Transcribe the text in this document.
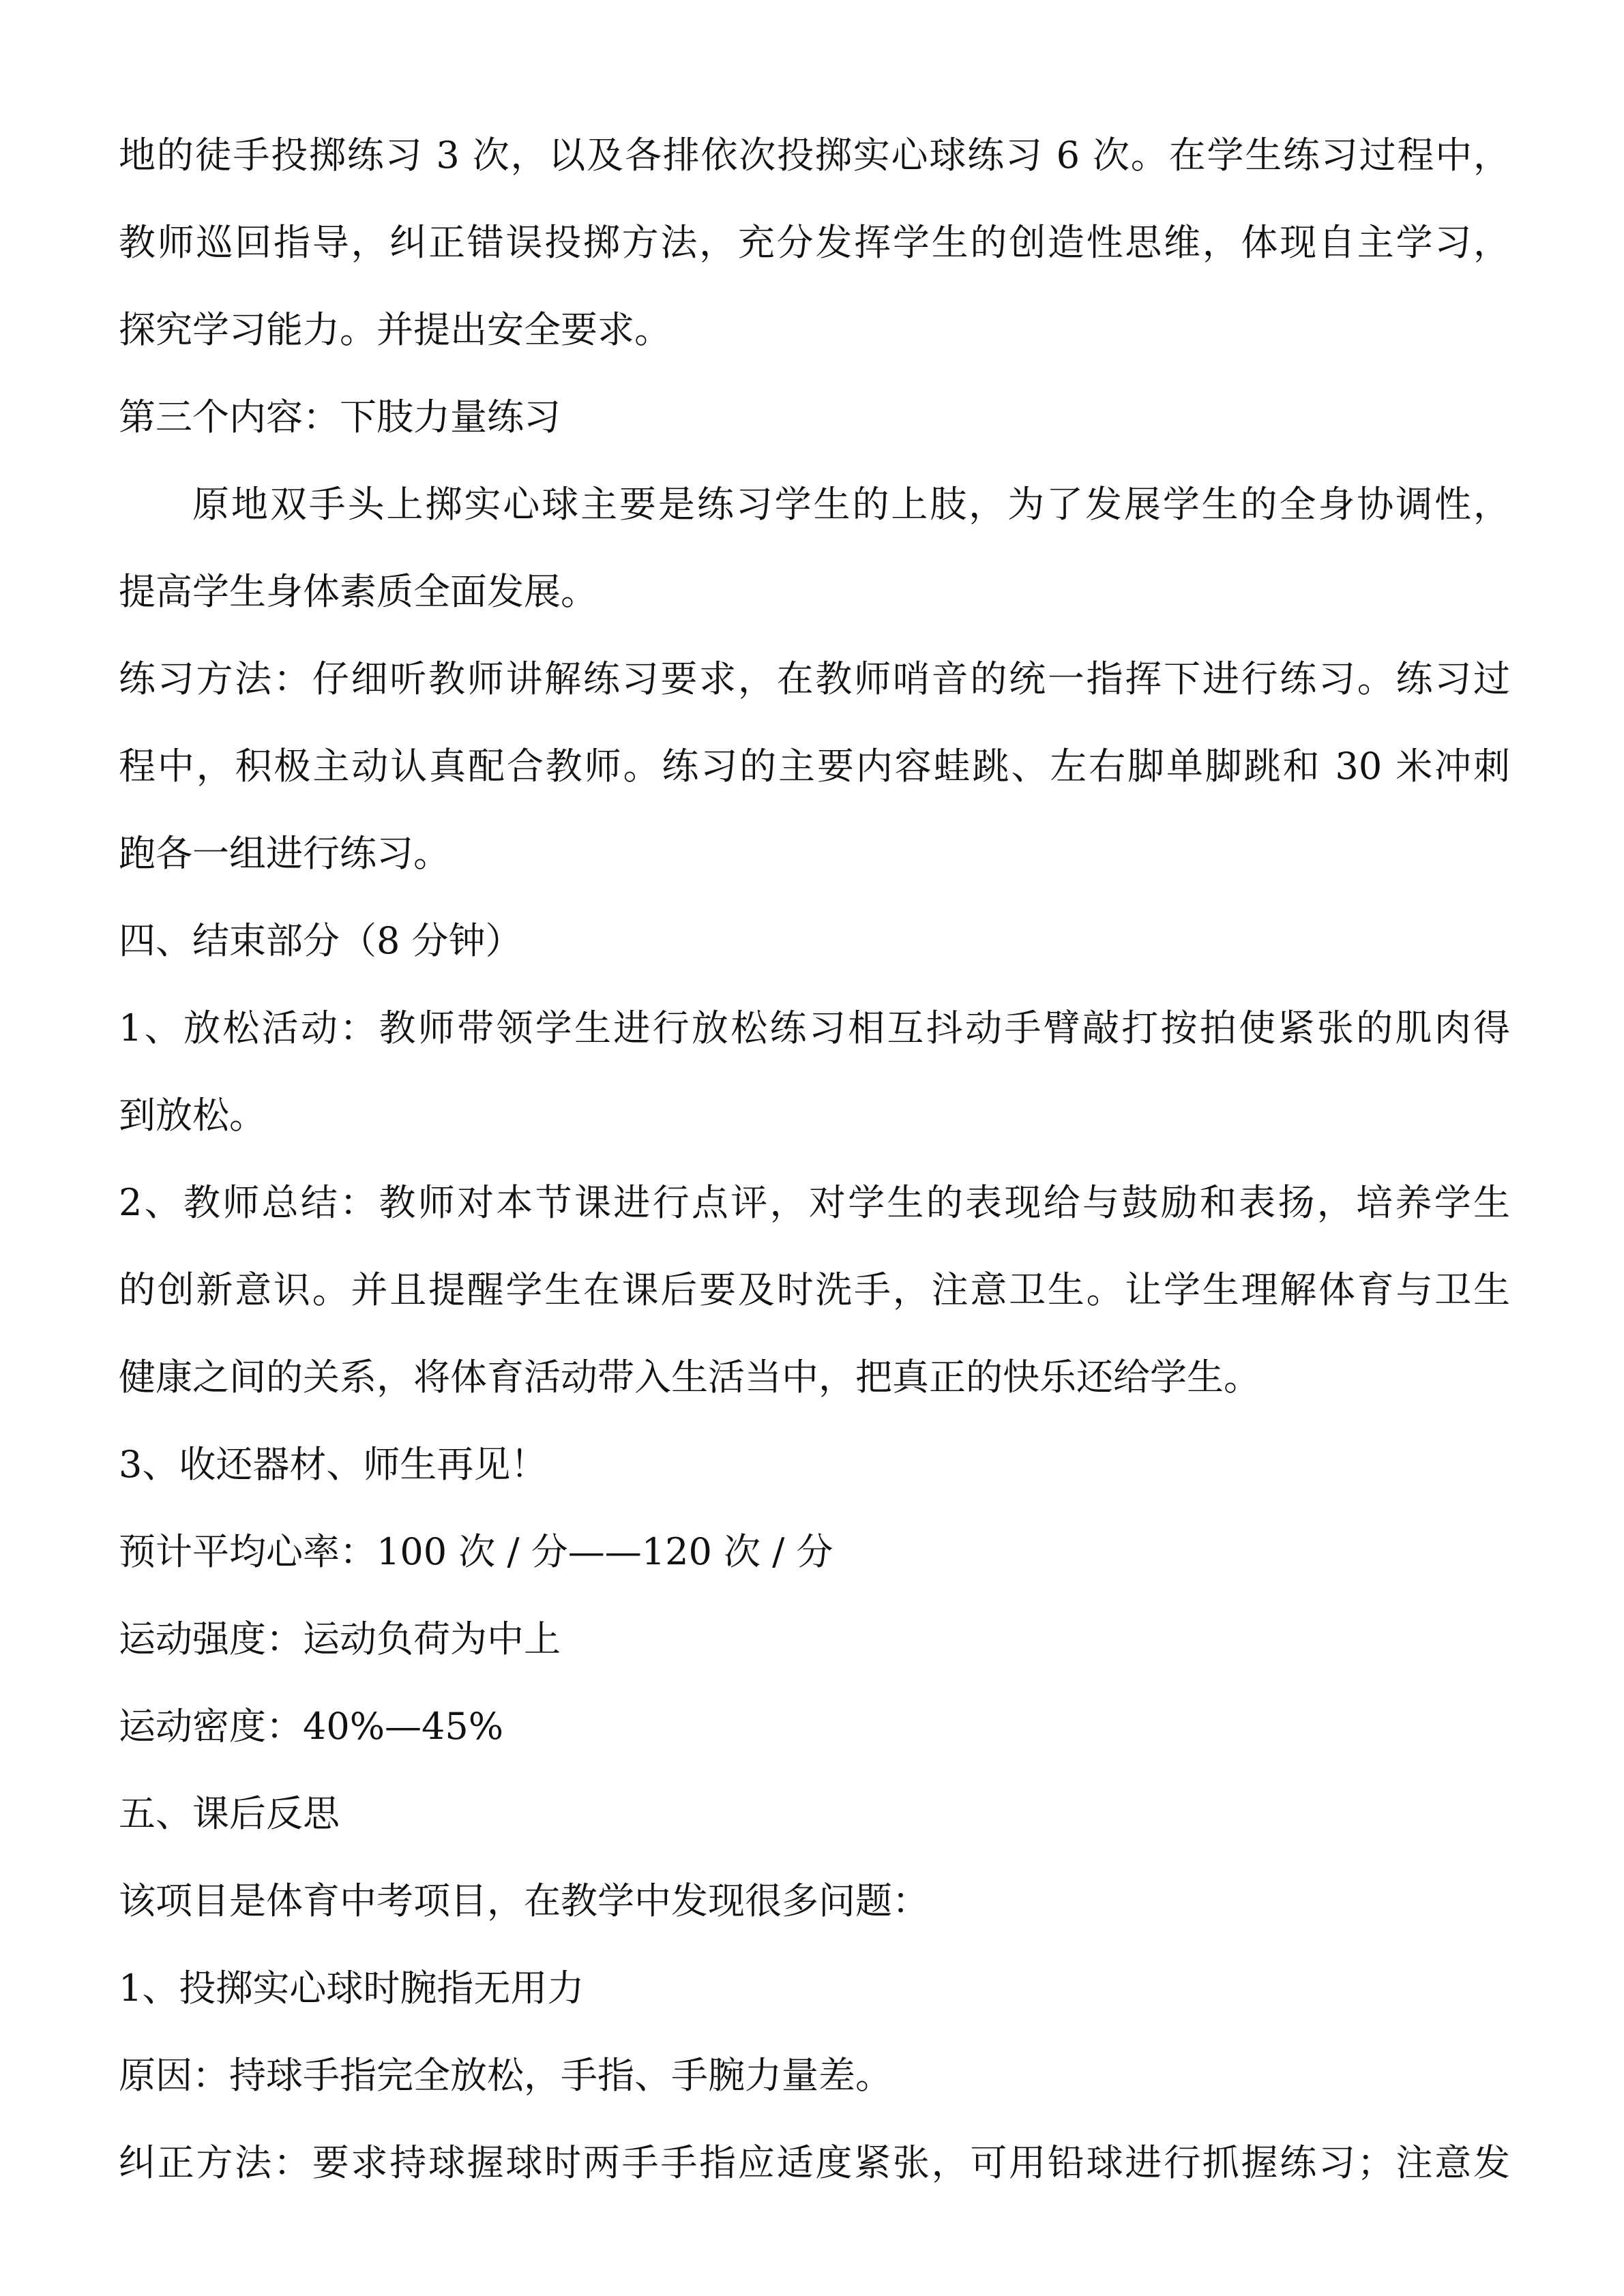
地的徒手投掷练习 3 次，以及各排依次投掷实心球练习 6 次。在学生练习过程中，
教师巡回指导，纠正错误投掷方法，充分发挥学生的创造性思维，体现自主学习，
探究学习能力。并提出安全要求。
第三个内容：下肢力量练习
原地双手头上掷实心球主要是练习学生的上肢，为了发展学生的全身协调性，
提高学生身体素质全面发展。
练习方法：仔细听教师讲解练习要求，在教师哨音的统一指挥下进行练习。练习过
程中，积极主动认真配合教师。练习的主要内容蛙跳、左右脚单脚跳和 30 米冲刺
跑各一组进行练习。
四、结束部分（8 分钟）
1、放松活动：教师带领学生进行放松练习相互抖动手臂敲打按拍使紧张的肌肉得
到放松。
2、教师总结：教师对本节课进行点评，对学生的表现给与鼓励和表扬，培养学生
的创新意识。并且提醒学生在课后要及时洗手，注意卫生。让学生理解体育与卫生
健康之间的关系，将体育活动带入生活当中，把真正的快乐还给学生。
3、收还器材、师生再见！
预计平均心率：100 次 / 分——120 次 / 分
运动强度：运动负荷为中上
运动密度：40%—45%
五、课后反思
该项目是体育中考项目，在教学中发现很多问题：
1、投掷实心球时腕指无用力
原因：持球手指完全放松，手指、手腕力量差。
纠正方法：要求持球握球时两手手指应适度紧张，可用铅球进行抓握练习；注意发
